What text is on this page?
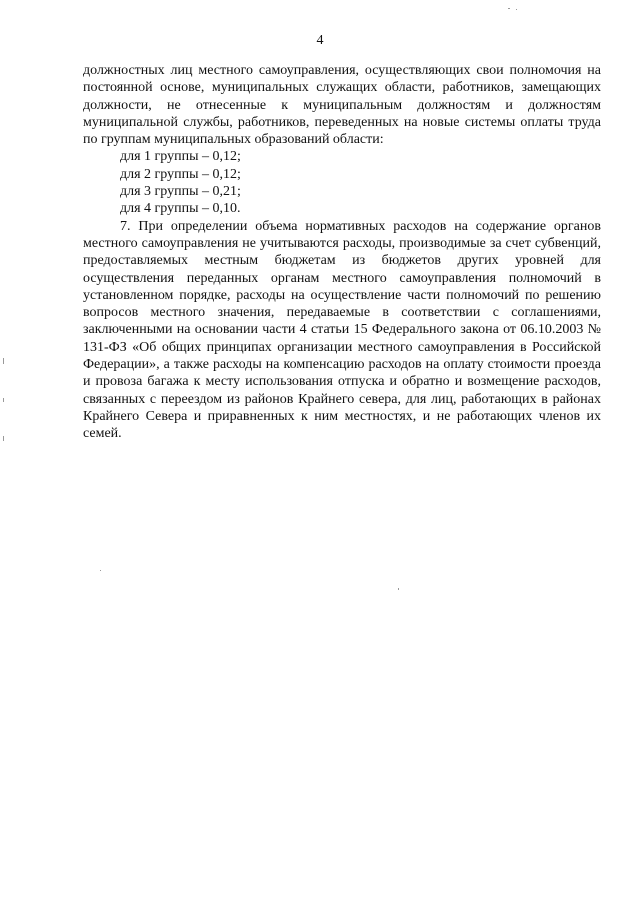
4

должностных лиц местного самоуправления, осуществляющих свои полномочия на постоянной основе, муниципальных служащих области, работников, замещающих должности, не отнесенные к муниципальным должностям и должностям муниципальной службы, работников, переведенных на новые системы оплаты труда по группам муниципальных образований области:

для 1 группы – 0,12;
для 2 группы – 0,12;
для 3 группы – 0,21;
для 4 группы – 0,10.

7. При определении объема нормативных расходов на содержание органов местного самоуправления не учитываются расходы, производимые за счет субвенций, предоставляемых местным бюджетам из бюджетов других уровней для осуществления переданных органам местного самоуправления полномочий в установленном порядке, расходы на осуществление части полномочий по решению вопросов местного значения, передаваемые в соответствии с соглашениями, заключенными на основании части 4 статьи 15 Федерального закона от 06.10.2003 № 131-ФЗ «Об общих принципах организации местного самоуправления в Российской Федерации», а также расходы на компенсацию расходов на оплату стоимости проезда и провоза багажа к месту использования отпуска и обратно и возмещение расходов, связанных с переездом из районов Крайнего севера, для лиц, работающих в районах Крайнего Севера и приравненных к ним местностях, и не работающих членов их семей.
